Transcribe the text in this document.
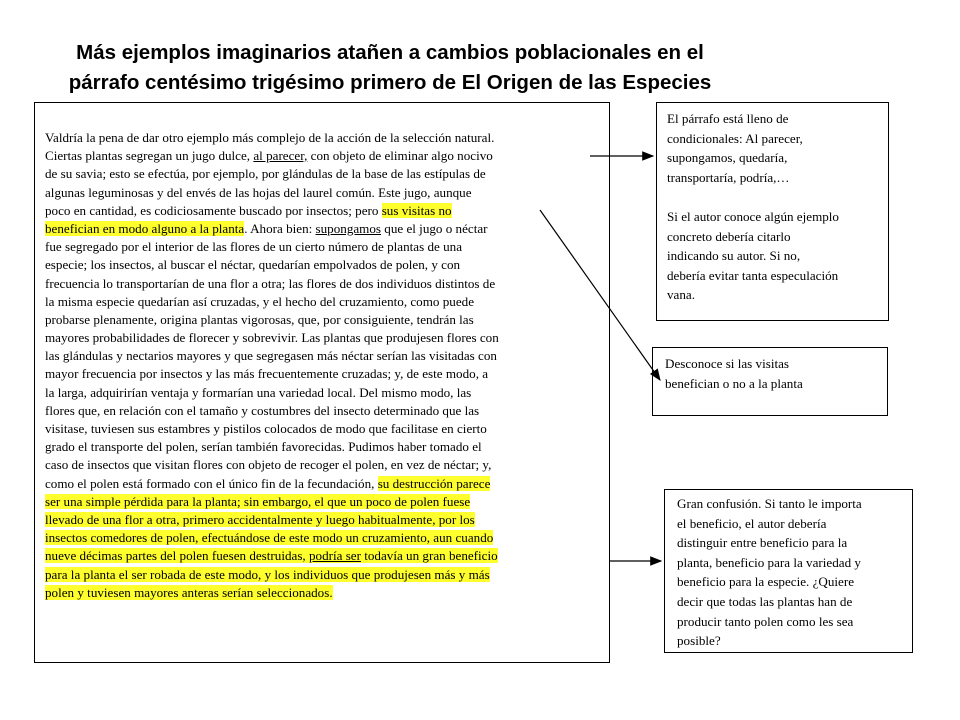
Más ejemplos imaginarios atañen a cambios poblacionales en el
párrafo centésimo trigésimo primero de El Origen de las Especies
Valdría la pena de dar otro ejemplo más complejo de la acción de la selección natural.
Ciertas plantas segregan un jugo dulce, al parecer, con objeto de eliminar algo nocivo
de su savia; esto se efectúa, por ejemplo, por glándulas de la base de las estípulas de
algunas leguminosas y del envés de las hojas del laurel común. Este jugo, aunque
poco en cantidad, es codiciosamente buscado por insectos; pero sus visitas no
benefician en modo alguno a la planta. Ahora bien: supongamos que el jugo o néctar
fue segregado por el interior de las flores de un cierto número de plantas de una
especie; los insectos, al buscar el néctar, quedarían empolvados de polen, y con
frecuencia lo transportarían de una flor a otra; las flores de dos individuos distintos de
la misma especie quedarían así cruzadas, y el hecho del cruzamiento, como puede
probarse plenamente, origina plantas vigorosas, que, por consiguiente, tendrán las
mayores probabilidades de florecer y sobrevivir. Las plantas que produjesen flores con
las glándulas y nectarios mayores y que segregasen más néctar serían las visitadas con
mayor frecuencia por insectos y las más frecuentemente cruzadas; y, de este modo, a
la larga, adquirirían ventaja y formarían una variedad local. Del mismo modo, las
flores que, en relación con el tamaño y costumbres del insecto determinado que las
visitase, tuviesen sus estambres y pistilos colocados de modo que facilitase en cierto
grado el transporte del polen, serían también favorecidas. Pudimos haber tomado el
caso de insectos que visitan flores con objeto de recoger el polen, en vez de néctar; y,
como el polen está formado con el único fin de la fecundación, su destrucción parece
ser una simple pérdida para la planta; sin embargo, el que un poco de polen fuese
llevado de una flor a otra, primero accidentalmente y luego habitualmente, por los
insectos comedores de polen, efectuándose de este modo un cruzamiento, aun cuando
nueve décimas partes del polen fuesen destruidas, podría ser todavía un gran beneficio
para la planta el ser robada de este modo, y los individuos que produjesen más y más
polen y tuviesen mayores anteras serían seleccionados.
El párrafo está lleno de
condicionales: Al parecer,
supongamos, quedaría,
transportaría, podría,…
Si el autor conoce algún ejemplo
concreto debería citarlo
indicando su autor. Si no,
debería evitar tanta especulación
vana.
Desconoce si las visitas
benefician o no a la planta
Gran confusión. Si tanto le importa
el beneficio, el autor debería
distinguir entre beneficio para la
planta, beneficio para la variedad y
beneficio para la especie. ¿Quiere
decir que todas las plantas han de
producir tanto polen como les sea
posible?
